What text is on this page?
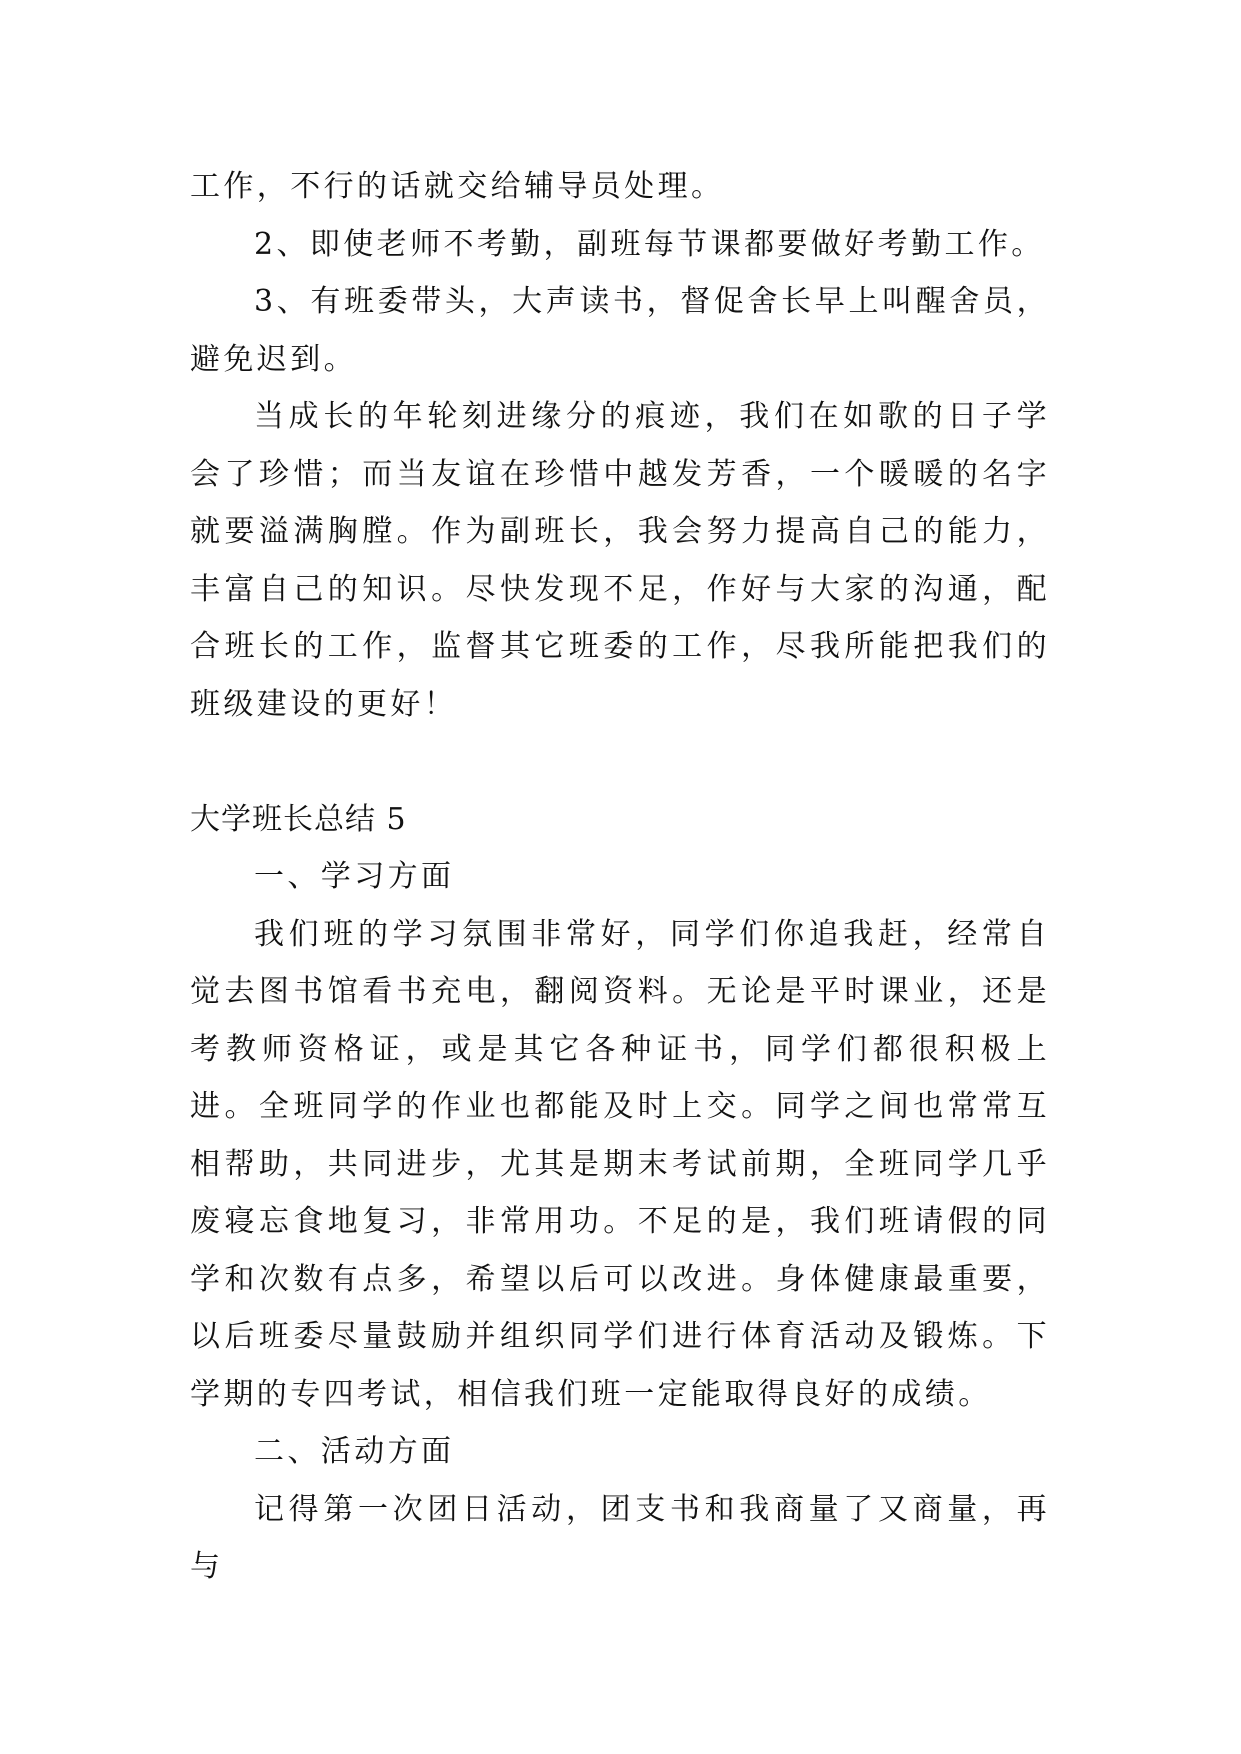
工作，不行的话就交给辅导员处理。

2、即使老师不考勤，副班每节课都要做好考勤工作。

3、有班委带头，大声读书，督促舍长早上叫醒舍员，避免迟到。

当成长的年轮刻进缘分的痕迹，我们在如歌的日子学会了珍惜；而当友谊在珍惜中越发芳香，一个暖暖的名字就要溢满胸膛。作为副班长，我会努力提高自己的能力，丰富自己的知识。尽快发现不足，作好与大家的沟通，配合班长的工作，监督其它班委的工作，尽我所能把我们的班级建设的更好！

大学班长总结 5

一、学习方面

我们班的学习氛围非常好，同学们你追我赶，经常自觉去图书馆看书充电，翻阅资料。无论是平时课业，还是考教师资格证，或是其它各种证书，同学们都很积极上进。全班同学的作业也都能及时上交。同学之间也常常互相帮助，共同进步，尤其是期末考试前期，全班同学几乎废寝忘食地复习，非常用功。不足的是，我们班请假的同学和次数有点多，希望以后可以改进。身体健康最重要，以后班委尽量鼓励并组织同学们进行体育活动及锻炼。下学期的专四考试，相信我们班一定能取得良好的成绩。

二、活动方面

记得第一次团日活动，团支书和我商量了又商量，再与
